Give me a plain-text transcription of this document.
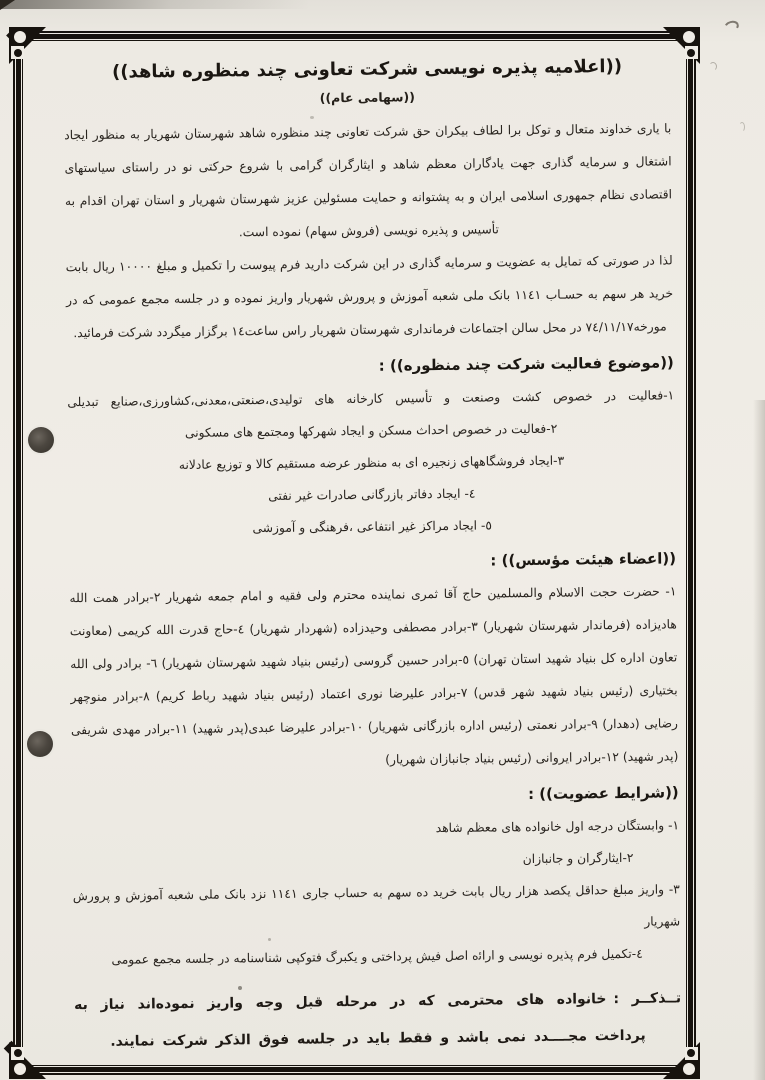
((اعلامیه پذیره نویسی شرکت تعاونی چند منظوره شاهد))
((سهامی عام))

با یاری خداوند متعال و توکل برا لطاف بیکران حق شرکت تعاونی چند منظوره شاهد شهرستان شهریار به منظور ایجاد اشتغال و سرمایه گذاری جهت یادگاران معظم شاهد و ایثارگران گرامی با شروع حرکتی نو در راستای سیاستهای اقتصادی نظام جمهوری اسلامی ایران و به پشتوانه و حمایت مسئولین عزیز شهرستان شهریار و استان تهران اقدام به تأسیس و پذیره نویسی (فروش سهام) نموده است.

لذا در صورتی که تمایل به عضویت و سرمایه گذاری در این شرکت دارید فرم پیوست را تکمیل و مبلغ ١٠٠٠٠ ریال بابت خرید هر سهم به حسـاب ١١٤١ بانک ملی شعبه آموزش و پرورش شهریار واریز نموده و در جلسه مجمع عمومی که در مورخه٧٤/١١/١٧ در محل سالن اجتماعات فرمانداری شهرستان شهریار راس ساعت١٤ برگزار میگردد شرکت فرمائید.

((موضوع فعالیت شرکت چند منظوره)) :
١-فعالیت در خصوص کشت وصنعت و تأسیس کارخانه های تولیدی،صنعتی،معدنی،کشاورزی،صنایع تبدیلی
٢-فعالیت در خصوص احداث مسکن و ایجاد شهرکها ومجتمع های مسکونی
٣-ایجاد فروشگاههای زنجیره ای به منظور عرضه مستقیم کالا و توزیع عادلانه
٤- ایجاد دفاتر بازرگانی صادرات غیر نفتی
٥- ایجاد مراکز غیر انتفاعی ،فرهنگی و آموزشی
((اعضاء هیئت مؤسس)) :

١- حضرت حجت الاسلام والمسلمین حاج آقا ثمری نماینده محترم ولی فقیه و امام جمعه شهریار ٢-برادر همت الله هادیزاده (فرماندار شهرستان شهریار) ٣-برادر مصطفی وحیدزاده (شهردار شهریار) ٤-حاج قدرت الله کریمی (معاونت تعاون اداره کل بنیاد شهید استان تهران) ٥-برادر حسین گروسی (رئیس بنیاد شهید شهرستان شهریار) ٦- برادر ولی الله بختیاری (رئیس بنیاد شهید شهر قدس) ٧-برادر علیرضا نوری اعتماد (رئیس بنیاد شهید رباط کریم) ٨-برادر منوچهر رضایی (دهدار) ٩-برادر نعمتی (رئیس اداره بازرگانی شهریار) ١٠-برادر علیرضا عبدی(پدر شهید) ١١-برادر مهدی شریفی (پدر شهید) ١٢-برادر ایروانی (رئیس بنیاد جانبازان شهریار)

((شرایط عضویت)) :
١- وابستگان درجه اول خانواده های معظم شاهد
٢-ایثارگران و جانبازان
٣- واریز مبلغ حداقل یکصد هزار ریال بابت خرید ده سهم به حساب جاری ١١٤١ نزد بانک ملی شعبه آموزش و پرورش شهریار
٤-تکمیل فرم پذیره نویسی و اراﺋه اصل فیش پرداختی و یکبرگ فتوکپی شناسنامه در جلسه مجمع عمومی

تــذکــر :خانواده های محترمی که در مرحله قبل وجه واریز نموده‌اند نیاز به پرداخت مجــــدد نمی باشد و فقط باید در جلسه فوق الذکر شرکت نمایند.
